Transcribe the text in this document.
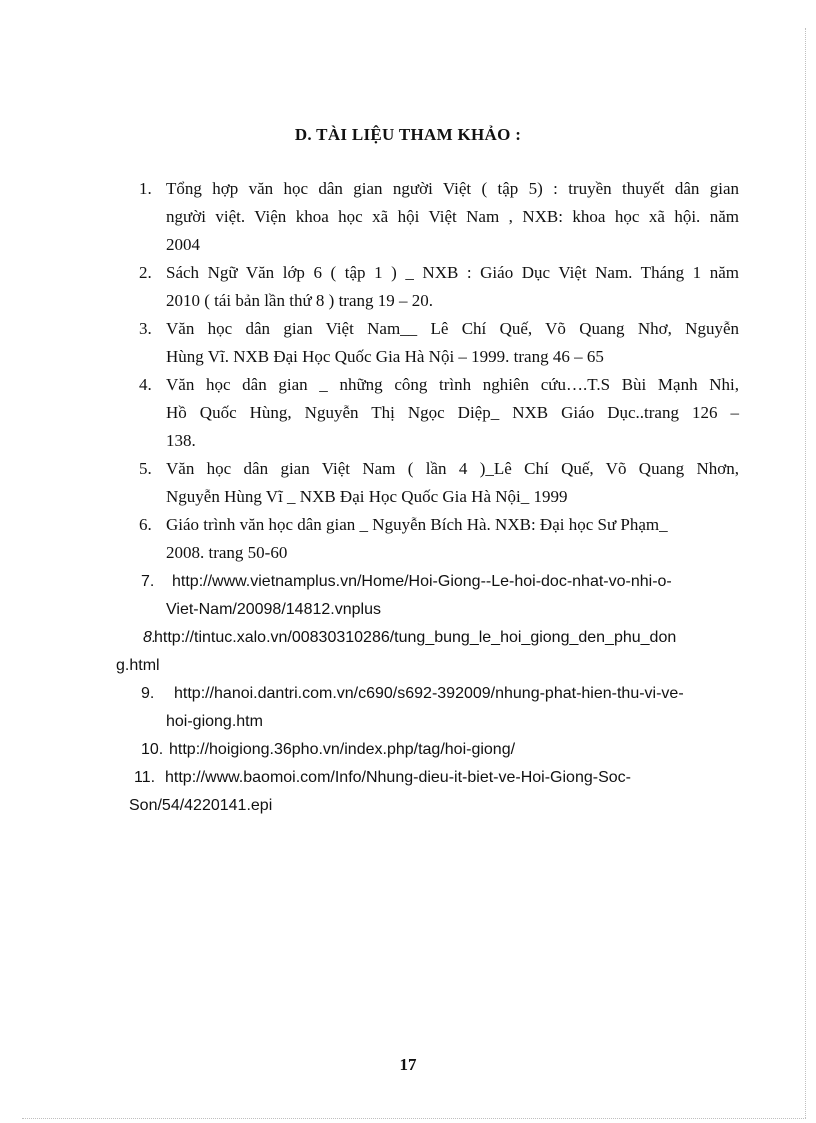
D. TÀI LIỆU THAM KHẢO :
1. Tổng hợp văn học dân gian người Việt ( tập 5) : truyền thuyết dân gian
người việt. Viện khoa học xã hội Việt Nam , NXB: khoa học xã hội. năm
2004
2. Sách Ngữ Văn lớp 6 ( tập 1 ) _ NXB : Giáo Dục Việt Nam. Tháng 1 năm
2010 ( tái bản lần thứ 8 ) trang 19 – 20.
3. Văn học dân gian Việt Nam__ Lê Chí Quế, Võ Quang Nhơ, Nguyễn
Hùng Vĩ. NXB Đại Học Quốc Gia Hà Nội – 1999. trang 46 – 65
4. Văn học dân gian _ những công trình nghiên cứu….T.S Bùi Mạnh Nhi,
Hồ Quốc Hùng, Nguyễn Thị Ngọc Diệp_ NXB Giáo Dục..trang 126 –
138.
5. Văn học dân gian Việt Nam ( lần 4 )_Lê Chí Quế, Võ Quang Nhơn,
Nguyễn Hùng Vĩ _ NXB Đại Học Quốc Gia Hà Nội_ 1999
6. Giáo trình văn học dân gian _ Nguyễn Bích Hà. NXB: Đại học Sư Phạm_
2008. trang 50-60
7. http://www.vietnamplus.vn/Home/Hoi-Giong--Le-hoi-doc-nhat-vo-nhi-o-
Viet-Nam/20098/14812.vnplus
8.
http://tintuc.xalo.vn/00830310286/tung_bung_le_hoi_giong_den_phu_don
g.html
9. http://hanoi.dantri.com.vn/c690/s692-392009/nhung-phat-hien-thu-vi-ve-
hoi-giong.htm
10. http://hoigiong.36pho.vn/index.php/tag/hoi-giong/
11. http://www.baomoi.com/Info/Nhung-dieu-it-biet-ve-Hoi-Giong-Soc-
Son/54/4220141.epi
17
